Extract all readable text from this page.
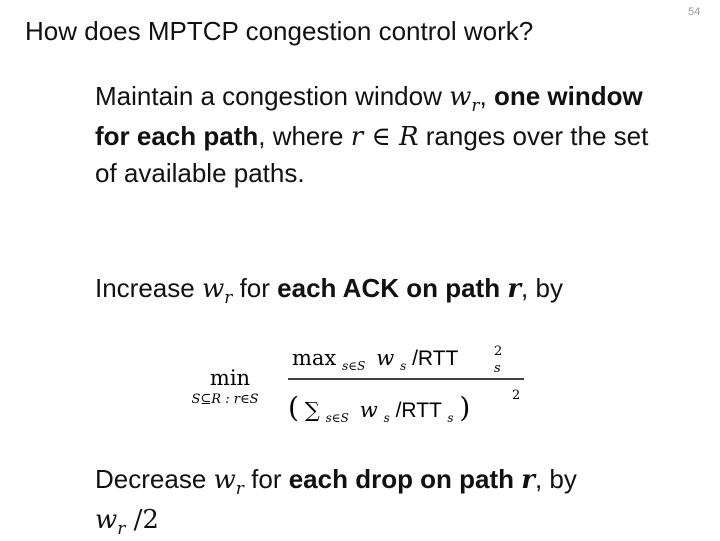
How does MPTCP congestion control work?
54
Maintain a congestion window $w_r$, one window for each path, where r ∈ R ranges over the set of available paths.
Increase $w_r$ for each ACK on path r, by
min
S⊆R : r∈S
max $_{s\in S}$ w $_s$ /RTT	2
s
( ∑ $_{s\in S}$ w $_s$ /RTT $_s$ )	2
Decrease $w_r$ for each drop on path r, by
$w_r$ /2
